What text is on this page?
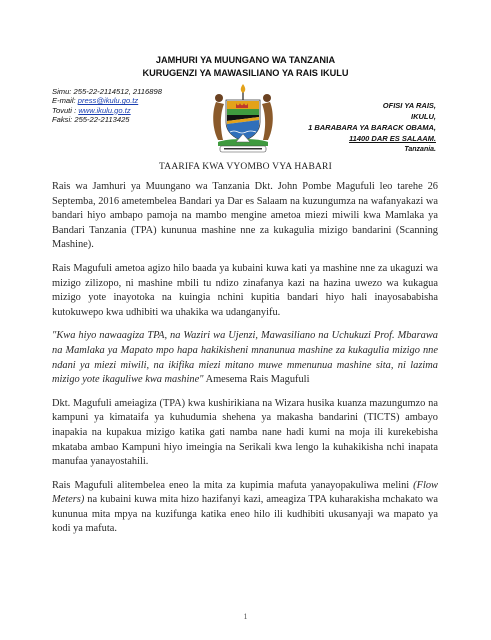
JAMHURI YA MUUNGANO WA TANZANIA
KURUGENZI YA MAWASILIANO YA RAIS IKULU
Simu: 255-22-2114512, 2116898
E-mail: press@ikulu.go.tz
Tovuti : www.ikulu.go.tz
Faksi: 255-22-2113425
OFISI YA RAIS,
IKULU,
1 BARABARA YA BARACK OBAMA,
11400 DAR ES SALAAM.
Tanzania.
TAARIFA KWA VYOMBO VYA HABARI

Rais wa Jamhuri ya Muungano wa Tanzania Dkt. John Pombe Magufuli leo tarehe 26 Septemba, 2016 ametembelea Bandari ya Dar es Salaam na kuzungumza na wafanyakazi wa bandari hiyo ambapo pamoja na mambo mengine ametoa miezi miwili kwa Mamlaka ya Bandari Tanzania (TPA) kununua mashine nne za kukagulia mizigo bandarini (Scanning Mashine).

Rais Magufuli ametoa agizo hilo baada ya kubaini kuwa kati ya mashine nne za ukaguzi wa mizigo zilizopo, ni mashine mbili tu ndizo zinafanya kazi na hazina uwezo wa kukagua mizigo yote inayotoka na kuingia nchini kupitia bandari hiyo hali inayosababisha kutokuwepo kwa udhibiti wa uhakika wa udanganyifu.

"Kwa hiyo nawaagiza TPA, na Waziri wa Ujenzi, Mawasiliano na Uchukuzi Prof. Mbarawa na Mamlaka ya Mapato mpo hapa hakikisheni mnanunua mashine za kukagulia mizigo nne ndani ya miezi miwili, na ikifika miezi mitano muwe mmenunua mashine sita, ni lazima mizigo yote ikaguliwe kwa mashine" Amesema Rais Magufuli

Dkt. Magufuli ameiagiza (TPA) kwa kushirikiana na Wizara husika kuanza mazungumzo na kampuni ya kimataifa ya kuhudumia shehena ya makasha bandarini (TICTS) ambayo inapakia na kupakua mizigo katika gati namba nane hadi kumi na moja ili kurekebisha mkataba ambao Kampuni hiyo imeingia na Serikali kwa lengo la kuhakikisha nchi inapata manufaa yanayostahili.

Rais Magufuli alitembelea eneo la mita za kupimia mafuta yanayopakuliwa melini (Flow Meters) na kubaini kuwa mita hizo hazifanyi kazi, ameagiza TPA kuharakisha mchakato wa kununua mita mpya na kuzifunga katika eneo hilo ili kudhibiti ukusanyaji wa mapato ya kodi ya mafuta.

1
